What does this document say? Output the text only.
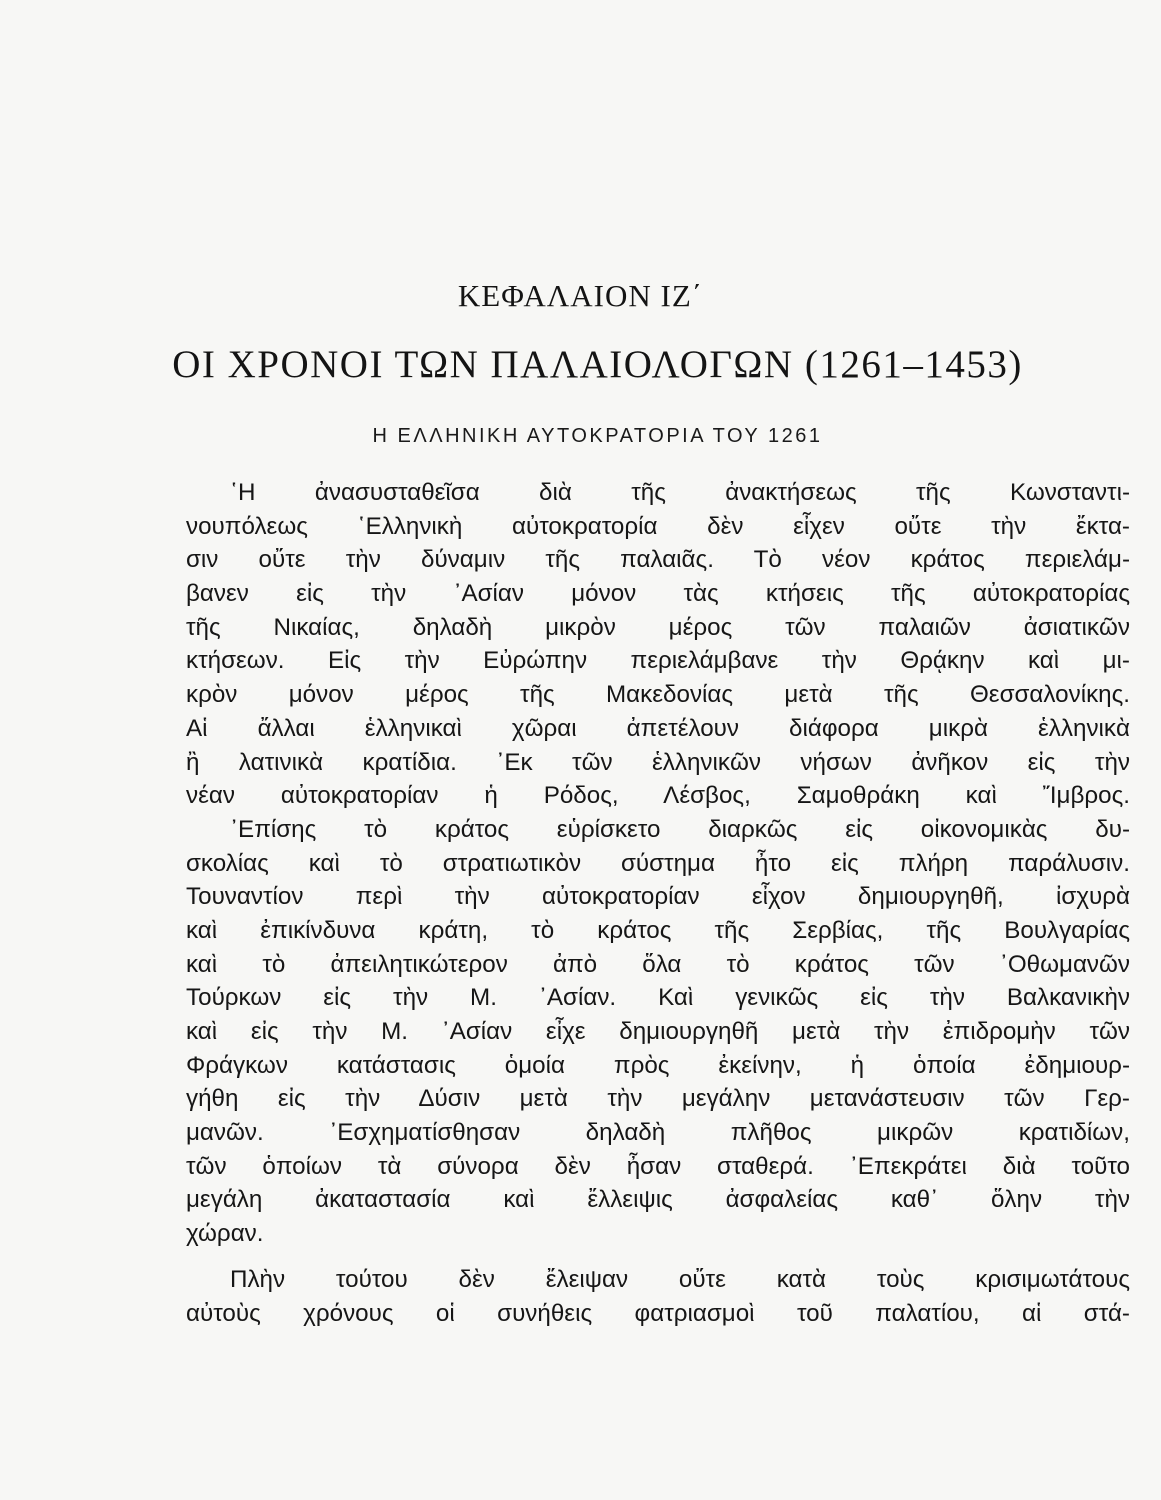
ΚΕΦΑΛΑΙΟΝ ΙΖ΄
ΟΙ ΧΡΟΝΟΙ ΤΩΝ ΠΑΛΑΙΟΛΟΓΩΝ (1261–1453)
Η ΕΛΛΗΝΙΚΗ ΑΥΤΟΚΡΑΤΟΡΙΑ ΤΟΥ 1261
῾Η ἀνασυσταθεῖσα διὰ τῆς ἀνακτήσεως τῆς Κωνσταντι-
νουπόλεως ῾Ελληνικὴ αὐτοκρατορία δὲν εἶχεν οὔτε τὴν ἔκτα-
σιν οὔτε τὴν δύναμιν τῆς παλαιᾶς. Τὸ νέον κράτος περιελάμ-
βανεν εἰς τὴν ᾿Ασίαν μόνον τὰς κτήσεις τῆς αὐτοκρατορίας
τῆς Νικαίας, δηλαδὴ μικρὸν μέρος τῶν παλαιῶν ἀσιατικῶν
κτήσεων. Εἰς τὴν Εὐρώπην περιελάμβανε τὴν Θρᾴκην καὶ μι-
κρὸν μόνον μέρος τῆς Μακεδονίας μετὰ τῆς Θεσσαλονίκης.
Αἱ ἄλλαι ἑλληνικαὶ χῶραι ἀπετέλουν διάφορα μικρὰ ἑλληνικὰ
ἢ λατινικὰ κρατίδια. ᾿Εκ τῶν ἑλληνικῶν νήσων ἀνῆκον εἰς τὴν
νέαν αὐτοκρατορίαν ἡ Ρόδος, Λέσβος, Σαμοθράκη καὶ Ἴμβρος.
᾿Επίσης τὸ κράτος εὑρίσκετο διαρκῶς εἰς οἰκονομικὰς δυ-
σκολίας καὶ τὸ στρατιωτικὸν σύστημα ἦτο εἰς πλήρη παράλυσιν.
Τουναντίον περὶ τὴν αὐτοκρατορίαν εἶχον δημιουργηθῆ, ἰσχυρὰ
καὶ ἐπικίνδυνα κράτη, τὸ κράτος τῆς Σερβίας, τῆς Βουλγαρίας
καὶ τὸ ἀπειλητικώτερον ἀπὸ ὅλα τὸ κράτος τῶν ᾿Οθωμανῶν
Τούρκων εἰς τὴν Μ. ᾿Ασίαν. Καὶ γενικῶς εἰς τὴν Βαλκανικὴν
καὶ εἰς τὴν Μ. ᾿Ασίαν εἶχε δημιουργηθῆ μετὰ τὴν ἐπιδρομὴν τῶν
Φράγκων κατάστασις ὁμοία πρὸς ἐκείνην, ἡ ὁποία ἐδημιουρ-
γήθη εἰς τὴν Δύσιν μετὰ τὴν μεγάλην μετανάστευσιν τῶν Γερ-
μανῶν. ᾿Εσχηματίσθησαν δηλαδὴ πλῆθος μικρῶν κρατιδίων,
τῶν ὁποίων τὰ σύνορα δὲν ἦσαν σταθερά. ᾿Επεκράτει διὰ τοῦτο
μεγάλη ἀκαταστασία καὶ ἔλλειψις ἀσφαλείας καθ᾿ ὅλην τὴν
χώραν.
Πλὴν τούτου δὲν ἔλειψαν οὔτε κατὰ τοὺς κρισιμωτάτους
αὐτοὺς χρόνους οἱ συνήθεις φατριασμοὶ τοῦ παλατίου, αἱ στά-
